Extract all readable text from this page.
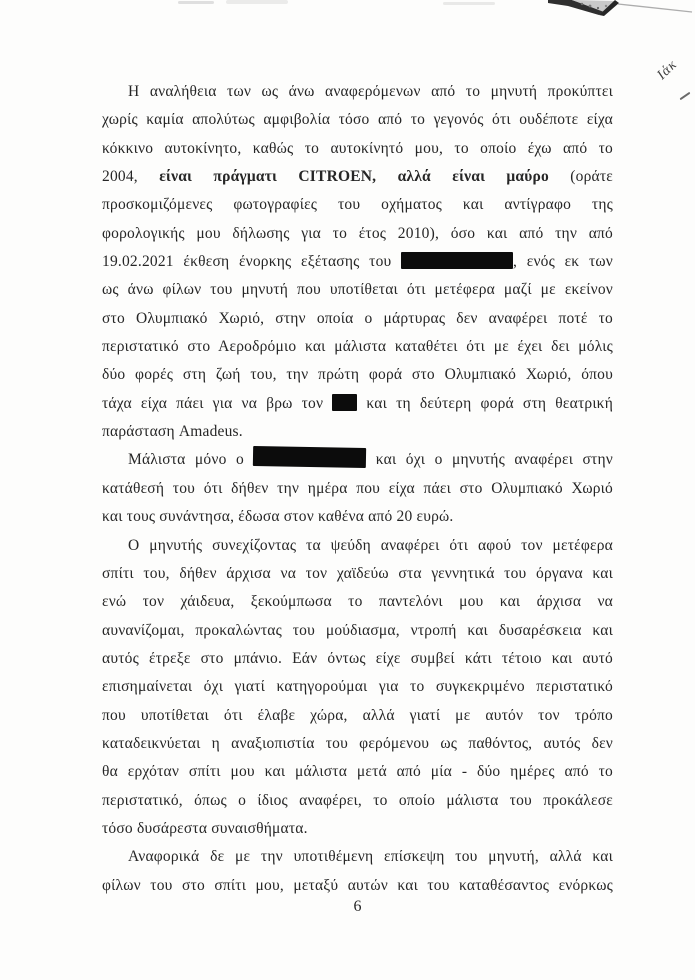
Ιάκ
Η αναλήθεια των ως άνω αναφερόμενων από το μηνυτή προκύπτει
χωρίς καμία απολύτως αμφιβολία τόσο από το γεγονός ότι ουδέποτε είχα
κόκκινο αυτοκίνητο, καθώς το αυτοκίνητό μου, το οποίο έχω από το
2004, είναι πράγματι CITROEN, αλλά είναι μαύρο (οράτε
προσκομιζόμενες φωτογραφίες του οχήματος και αντίγραφο της
φορολογικής μου δήλωσης για το έτος 2010), όσο και από την από
19.02.2021 έκθεση ένορκης εξέτασης του	, ενός εκ των
ως άνω φίλων του μηνυτή που υποτίθεται ότι μετέφερα μαζί με εκείνον
στο Ολυμπιακό Χωριό, στην οποία ο μάρτυρας δεν αναφέρει ποτέ το
περιστατικό στο Αεροδρόμιο και μάλιστα καταθέτει ότι με έχει δει μόλις
δύο φορές στη ζωή του, την πρώτη φορά στο Ολυμπιακό Χωριό, όπου
τάχα είχα πάει για να βρω τον  και τη δεύτερη φορά στη θεατρική
παράσταση Amadeus.
Μάλιστα μόνο ο	και όχι ο μηνυτής αναφέρει στην
κατάθεσή του ότι δήθεν την ημέρα που είχα πάει στο Ολυμπιακό Χωριό
και τους συνάντησα, έδωσα στον καθένα από 20 ευρώ.
Ο μηνυτής συνεχίζοντας τα ψεύδη αναφέρει ότι αφού τον μετέφερα
σπίτι του, δήθεν άρχισα να τον χαϊδεύω στα γεννητικά του όργανα και
ενώ τον χάιδευα, ξεκούμπωσα το παντελόνι μου και άρχισα να
αυνανίζομαι, προκαλώντας του μούδιασμα, ντροπή και δυσαρέσκεια και
αυτός έτρεξε στο μπάνιο. Εάν όντως είχε συμβεί κάτι τέτοιο και αυτό
επισημαίνεται όχι γιατί κατηγορούμαι για το συγκεκριμένο περιστατικό
που υποτίθεται ότι έλαβε χώρα, αλλά γιατί με αυτόν τον τρόπο
καταδεικνύεται η αναξιοπιστία του φερόμενου ως παθόντος, αυτός δεν
θα ερχόταν σπίτι μου και μάλιστα μετά από μία - δύο ημέρες από το
περιστατικό, όπως ο ίδιος αναφέρει, το οποίο μάλιστα του προκάλεσε
τόσο δυσάρεστα συναισθήματα.
Αναφορικά δε με την υποτιθέμενη επίσκεψη του μηνυτή, αλλά και
φίλων του στο σπίτι μου, μεταξύ αυτών και του καταθέσαντος ενόρκως
6
